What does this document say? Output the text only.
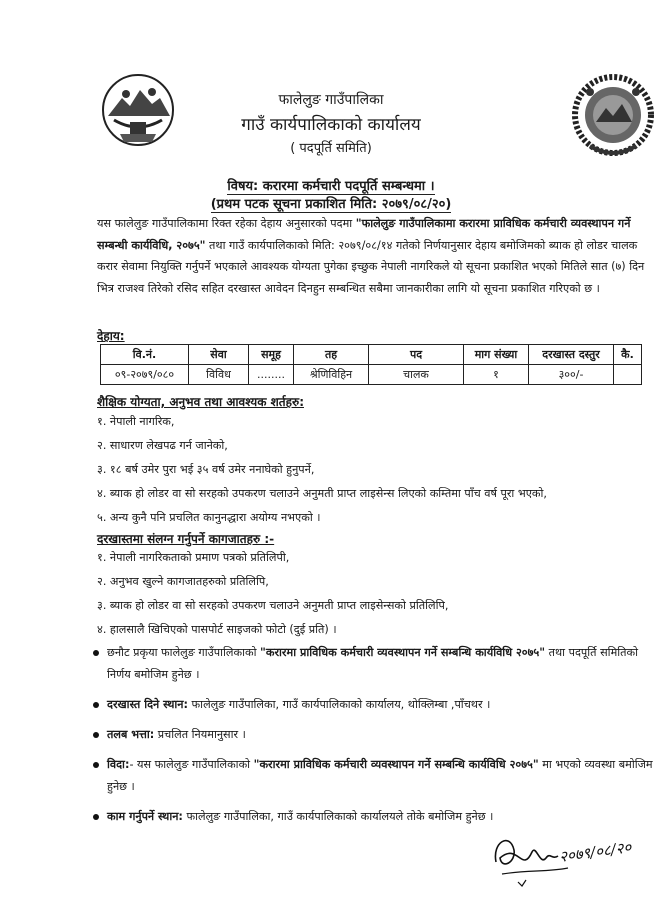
फालेलुङ गाउँपालिका
गाउँ कार्यपालिकाको कार्यालय
( पदपूर्ति समिति)
विषय: करारमा कर्मचारी पदपूर्ति सम्बन्धमा ।
(प्रथम पटक सूचना प्रकाशित मिति: २०७९/०८/२०)
यस फालेलुङ गाउँपालिकामा रिक्त रहेका देहाय अनुसारको पदमा "फालेलुङ गाउँपालिकामा करारमा प्राविधिक कर्मचारी व्यवस्थापन गर्ने सम्बन्धी कार्यविधि, २०७५" तथा गाउँ कार्यपालिकाको मिति: २०७९/०८/१४ गतेको निर्णयानुसार देहाय बमोजिमको ब्याक हो लोडर चालक करार सेवामा नियुक्ति गर्नुपर्ने भएकाले आवश्यक योग्यता पुगेका इच्छुक नेपाली नागरिकले यो सूचना प्रकाशित भएको मितिले सात (७) दिन भित्र राजश्व तिरेको रसिद सहित दरखास्त आवेदन दिनहुन सम्बन्धित सबैमा जानकारीका लागि यो सूचना प्रकाशित गरिएको छ ।
देहाय:
वि.नं.	सेवा	समूह	तह	पद	माग संख्या	दरखास्त दस्तुर	कै.
०९-२०७९/०८०	विविध	........	श्रेणिविहिन	चालक	१	३००/-	
शैक्षिक योग्यता, अनुभव तथा आवश्यक शर्तहरु:
१. नेपाली नागरिक,
२. साधारण लेखपढ गर्न जानेको,
३. १८ बर्ष उमेर पुरा भई ३५ वर्ष उमेर ननाघेको हुनुपर्ने,
४. ब्याक हो लोडर वा सो सरहको उपकरण चलाउने अनुमती प्राप्त लाइसेन्स लिएको कम्तिमा पाँच वर्ष पूरा भएको,
५. अन्य कुनै पनि प्रचलित कानुनद्धारा अयोग्य नभएको ।
दरखास्तमा संलग्न गर्नुपर्ने कागजातहरु :-
१. नेपाली नागरिकताको प्रमाण पत्रको प्रतिलिपी,
२. अनुभव खुल्ने कागजातहरुको प्रतिलिपि,
३. ब्याक हो लोडर वा सो सरहको उपकरण चलाउने अनुमती प्राप्त लाइसेन्सको प्रतिलिपि,
४. हालसालै खिचिएको पासपोर्ट साइजको फोटो (दुई प्रति) ।
छनौट प्रकृया फालेलुङ गाउँपालिकाको "करारमा प्राविधिक कर्मचारी व्यवस्थापन गर्ने सम्बन्धि कार्यविधि २०७५" तथा पदपूर्ति समितिको निर्णय बमोजिम हुनेछ ।
दरखास्त दिने स्थान: फालेलुङ गाउँपालिका, गाउँ कार्यपालिकाको कार्यालय, थोक्लिम्बा ,पाँचथर ।
तलब भत्ता: प्रचलित नियमानुसार ।
विदा:- यस फालेलुङ गाउँपालिकाको "करारमा प्राविधिक कर्मचारी व्यवस्थापन गर्ने सम्बन्धि कार्यविधि २०७५" मा भएको व्यवस्था बमोजिम हुनेछ ।
काम गर्नुपर्ने स्थान: फालेलुङ गाउँपालिका, गाउँ कार्यपालिकाको कार्यालयले तोके बमोजिम हुनेछ ।
२०७९/०८/२०
